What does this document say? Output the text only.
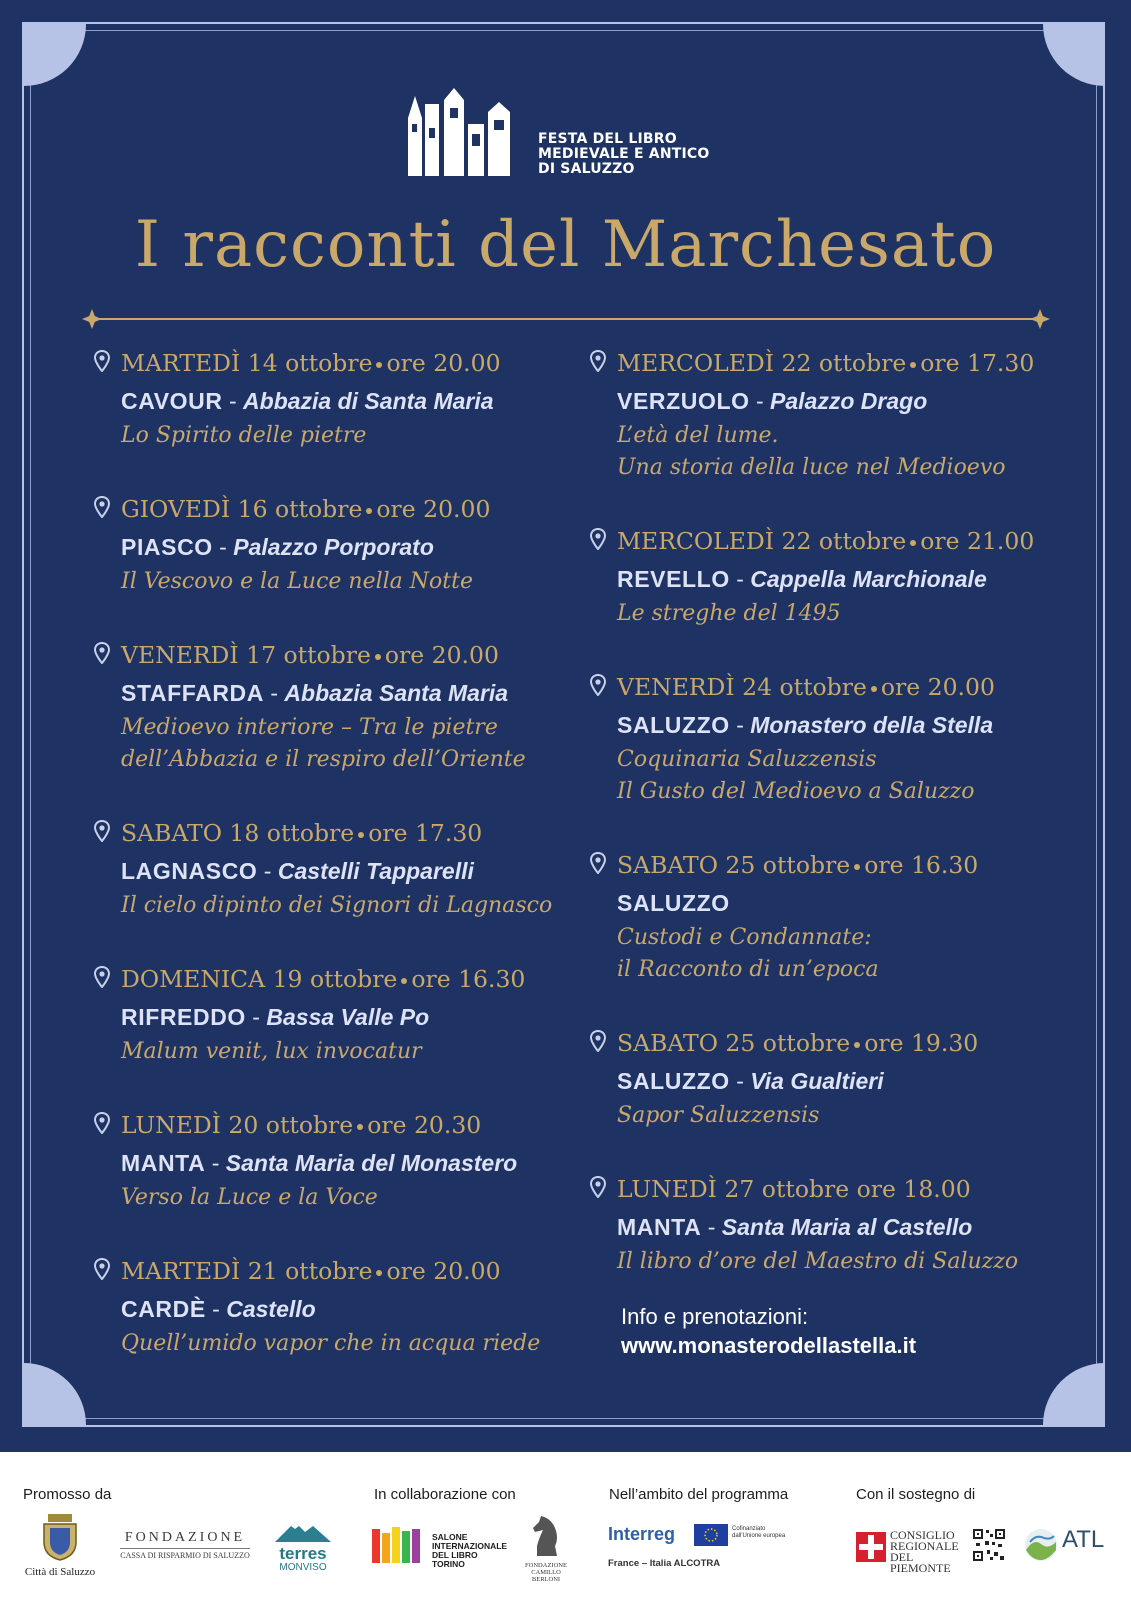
FESTA DEL LIBRO
MEDIEVALE E ANTICO
DI SALUZZO
I racconti del Marchesato
MARTEDÌ 14 ottobre ore 20.00
CAVOUR - Abbazia di Santa Maria
Lo Spirito delle pietre
GIOVEDÌ 16 ottobre ore 20.00
PIASCO - Palazzo Porporato
Il Vescovo e la Luce nella Notte
VENERDÌ 17 ottobre ore 20.00
STAFFARDA - Abbazia Santa Maria
Medioevo interiore – Tra le pietre
dell’Abbazia e il respiro dell’Oriente
SABATO 18 ottobre ore 17.30
LAGNASCO - Castelli Tapparelli
Il cielo dipinto dei Signori di Lagnasco
DOMENICA 19 ottobre ore 16.30
RIFREDDO - Bassa Valle Po
Malum venit, lux invocatur
LUNEDÌ 20 ottobre ore 20.30
MANTA - Santa Maria del Monastero
Verso la Luce e la Voce
MARTEDÌ 21 ottobre ore 20.00
CARDÈ - Castello
Quell’umido vapor che in acqua riede
MERCOLEDÌ 22 ottobre ore 17.30
VERZUOLO - Palazzo Drago
L’età del lume.
Una storia della luce nel Medioevo
MERCOLEDÌ 22 ottobre ore 21.00
REVELLO - Cappella Marchionale
Le streghe del 1495
VENERDÌ 24 ottobre ore 20.00
SALUZZO - Monastero della Stella
Coquinaria Saluzzensis
Il Gusto del Medioevo a Saluzzo
SABATO 25 ottobre ore 16.30
SALUZZO
Custodi e Condannate:
il Racconto di un’epoca
SABATO 25 ottobre ore 19.30
SALUZZO - Via Gualtieri
Sapor Saluzzensis
LUNEDÌ 27 ottobre ore 18.00
MANTA - Santa Maria al Castello
Il libro d’ore del Maestro di Saluzzo
Info e prenotazioni:
www.monasterodellastella.it
Promosso da	In collaborazione con	Nell’ambito del programma	Con il sostegno di
Città di Saluzzo
FONDAZIONE
CASSA DI RISPARMIO DI SALUZZO	terres
MONVISO
SALONE
INTERNAZIONALE
DEL LIBRO TORINO	FONDAZIONE
CAMILLO
BERLONI
Interreg	Cofinanziato dall'Unione europea
France – Italia ALCOTRA
CONSIGLIO
REGIONALE
DEL PIEMONTE
ATL
